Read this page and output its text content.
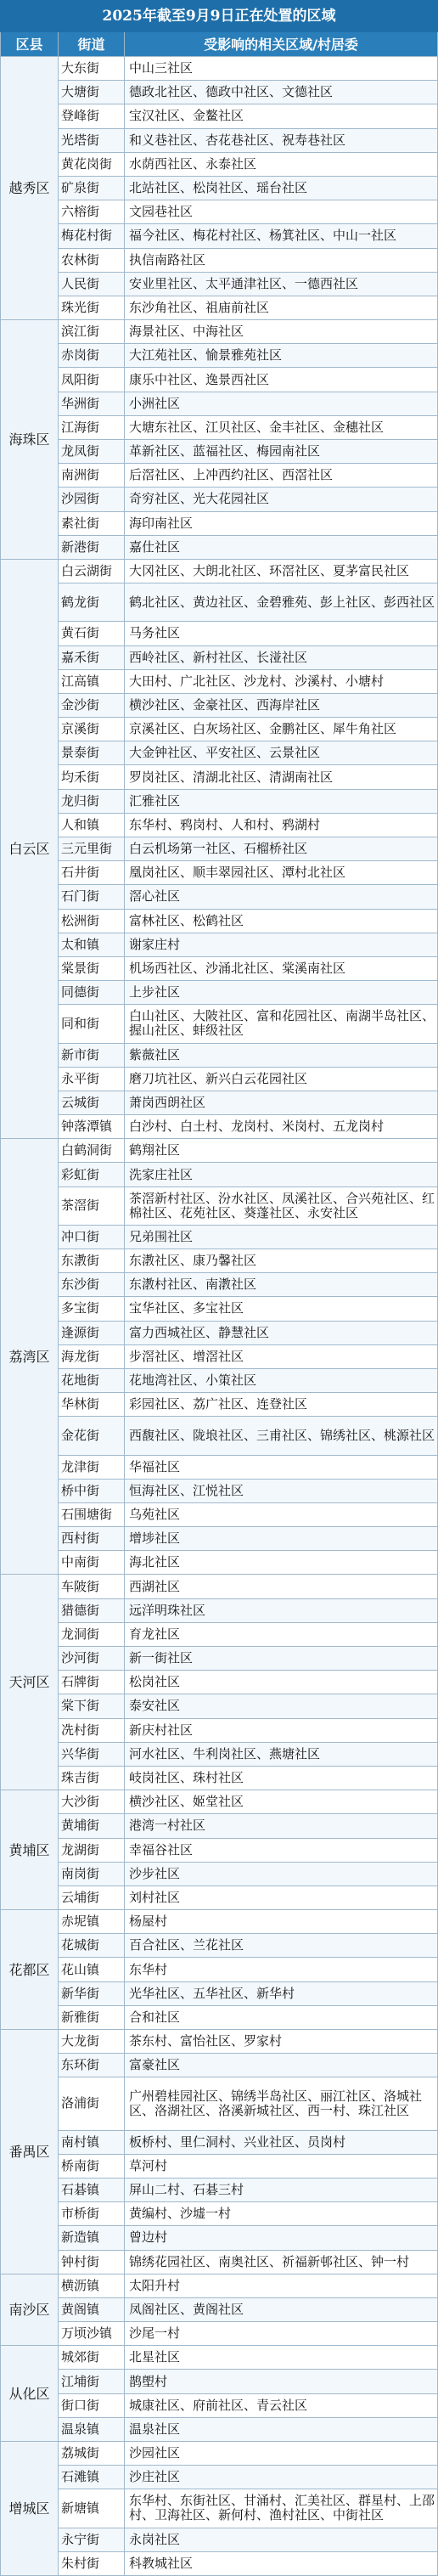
2025年截至9月9日正在处置的区域		
区县	街道	受影响的相关区域/村居委
越秀区	大东街	中山三社区
	大塘街	德政北社区、德政中社区、文德社区
	登峰街	宝汉社区、金鳌社区
	光塔街	和义巷社区、杏花巷社区、祝寿巷社区
	黄花岗街	水荫西社区、永泰社区
	矿泉街	北站社区、松岗社区、瑶台社区
	六榕街	文园巷社区
	梅花村街	福今社区、梅花村社区、杨箕社区、中山一社区
	农林街	执信南路社区
	人民街	安业里社区、太平通津社区、一德西社区
	珠光街	东沙角社区、祖庙前社区
海珠区	滨江街	海景社区、中海社区
	赤岗街	大江苑社区、愉景雅苑社区
	凤阳街	康乐中社区、逸景西社区
	华洲街	小洲社区
	江海街	大塘东社区、江贝社区、金丰社区、金穗社区
	龙凤街	革新社区、蓝福社区、梅园南社区
	南洲街	后滘社区、上冲西约社区、西滘社区
	沙园街	奇穷社区、光大花园社区
	素社街	海印南社区
	新港街	嘉仕社区
白云区	白云湖街	大冈社区、大朗北社区、环滘社区、夏茅富民社区
	鹤龙街	鹤北社区、黄边社区、金碧雅苑、彭上社区、彭西社区
	黄石街	马务社区
	嘉禾街	西岭社区、新村社区、长湴社区
	江高镇	大田村、广北社区、沙龙村、沙溪村、小塘村
	金沙街	横沙社区、金豪社区、西海岸社区
	京溪街	京溪社区、白灰场社区、金鹏社区、犀牛角社区
	景泰街	大金钟社区、平安社区、云景社区
	均禾街	罗岗社区、清湖北社区、清湖南社区
	龙归街	汇雅社区
	人和镇	东华村、鸦岗村、人和村、鸦湖村
	三元里街	白云机场第一社区、石榴桥社区
	石井街	凰岗社区、顺丰翠园社区、潭村北社区
	石门街	滘心社区
	松洲街	富林社区、松鹤社区
	太和镇	谢家庄村
	棠景街	机场西社区、沙涌北社区、棠溪南社区
	同德街	上步社区
	同和街	白山社区、大陂社区、富和花园社区、南湖半岛社区、握山社区、蚌级社区
	新市街	紫薇社区
	永平街	磨刀坑社区、新兴白云花园社区
	云城街	萧岗西朗社区
	钟落潭镇	白沙村、白土村、龙岗村、米岗村、五龙岗村
荔湾区	白鹤洞街	鹤翔社区
	彩虹街	洗家庄社区
	茶滘街	茶滘新村社区、汾水社区、凤溪社区、合兴苑社区、红棉社区、花苑社区、葵蓬社区、永安社区
	冲口街	兄弟围社区
	东漖街	东漖社区、康乃馨社区
	东沙街	东漖村社区、南漖社区
	多宝街	宝华社区、多宝社区
	逢源街	富力西城社区、静慧社区
	海龙街	步滘社区、增滘社区
	花地街	花地湾社区、小策社区
	华林街	彩园社区、荔广社区、连登社区
	金花街	西馥社区、陇埌社区、三甫社区、锦绣社区、桃源社区
	龙津街	华福社区
	桥中街	恒海社区、江悦社区
	石围塘街	乌苑社区
	西村街	增埗社区
	中南街	海北社区
天河区	车陂街	西湖社区
	猎德街	远洋明珠社区
	龙洞街	育龙社区
	沙河街	新一街社区
	石牌街	松岗社区
	棠下街	泰安社区
	冼村街	新庆村社区
	兴华街	河水社区、牛利岗社区、燕塘社区
	珠吉街	岐岗社区、珠村社区
黄埔区	大沙街	横沙社区、姬堂社区
	黄埔街	港湾一村社区
	龙湖街	幸福谷社区
	南岗街	沙步社区
	云埔街	刘村社区
花都区	赤坭镇	杨屋村
	花城街	百合社区、兰花社区
	花山镇	东华村
	新华街	光华社区、五华社区、新华村
	新雅街	合和社区
番禺区	大龙街	茶东村、富怡社区、罗家村
	东环街	富豪社区
	洛浦街	广州碧桂园社区、锦绣半岛社区、丽江社区、洛城社区、洛湖社区、洛溪新城社区、西一村、珠江社区
	南村镇	板桥村、里仁洞村、兴业社区、员岗村
	桥南街	草河村
	石碁镇	屏山二村、石碁三村
	市桥街	黄编村、沙墟一村
	新造镇	曾边村
	钟村街	锦绣花园社区、南奥社区、祈福新邨社区、钟一村
南沙区	横沥镇	太阳升村
	黄阁镇	凤阁社区、黄阁社区
	万顷沙镇	沙尾一村
从化区	城郊街	北星社区
	江埔街	鹊塱村
	街口街	城康社区、府前社区、青云社区
	温泉镇	温泉社区
增城区	荔城街	沙园社区
	石滩镇	沙庄社区
	新塘镇	东华村、东街社区、甘涌村、汇美社区、群星村、上邵村、卫海社区、新何村、渔村社区、中街社区
	永宁街	永岗社区
	朱村街	科教城社区
